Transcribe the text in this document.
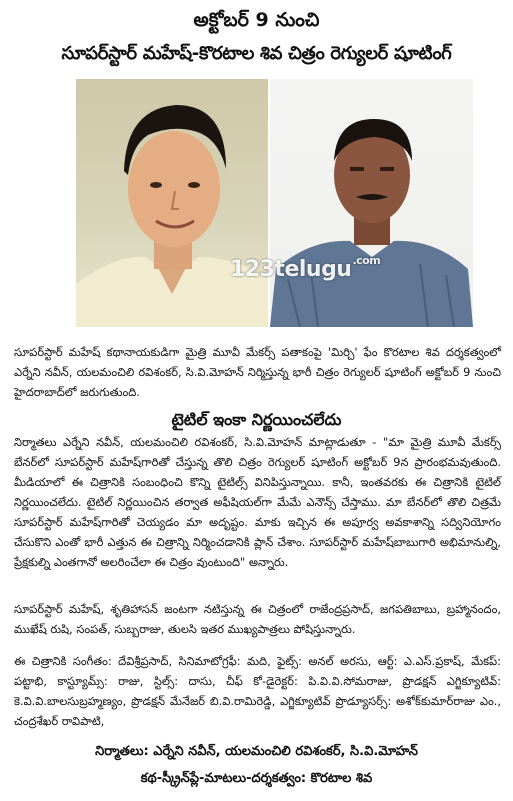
అక్టోబర్ 9 నుంచి
సూపర్‌స్టార్ మహేష్-కొరటాల శివ చిత్రం రెగ్యులర్ షూటింగ్
123telugu$^{.com}$
సూపర్‌స్టార్ మహేష్ కథానాయకుడిగా మైత్రి మూవీ మేకర్స్ పతాకంపై 'మిర్చి' ఫేం కొరటాల శివ దర్శకత్వంలో ఎర్నేని నవీన్, యలమంచిలి రవిశంకర్, సి.వి.మోహన్ నిర్మిస్తున్న భారీ చిత్రం రెగ్యులర్ షూటింగ్ అక్టోబర్ 9 నుంచి హైదరాబాద్‌లో జరుగుతుంది.
టైటిల్ ఇంకా నిర్ణయించలేదు
నిర్మాతలు ఎర్నేని నవీన్, యలమంచిలి రవిశంకర్, సి.వి.మోహన్ మాట్లాడుతూ - "మా మైత్రి మూవీ మేకర్స్ బేనర్‌లో సూపర్‌స్టార్ మహేష్‌గారితో చేస్తున్న తొలి చిత్రం రెగ్యులర్ షూటింగ్ అక్టోబర్ 9న ప్రారంభమవుతుంది. మీడియాలో ఈ చిత్రానికి సంబంధించి కొన్ని టైటిల్స్ వినిపిస్తున్నాయి. కానీ, ఇంతవరకు ఈ చిత్రానికి టైటిల్ నిర్ణయించలేదు. టైటిల్ నిర్ణయించిన తర్వాత అఫీషియల్‌గా మేమే ఎనౌన్స్ చేస్తాము. మా బేనర్‌లో తొలి చిత్రమే సూపర్‌స్టార్ మహేష్‌గారితో చెయ్యడం మా అదృష్టం. మాకు ఇచ్చిన ఈ అపూర్వ అవకాశాన్ని సద్వినియోగం చేసుకొని ఎంతో భారీ ఎత్తున ఈ చిత్రాన్ని నిర్మించడానికి ప్లాన్ చేశాం. సూపర్‌స్టార్ మహేష్‌బాబుగారి అభిమానుల్ని, ప్రేక్షకుల్ని ఎంతగానో అలరించేలా ఈ చిత్రం వుంటుంది" అన్నారు.
సూపర్‌స్టార్ మహేష్, శృతిహాసన్ జంటగా నటిస్తున్న ఈ చిత్రంలో రాజేంద్రప్రసాద్, జగపతిబాబు, బ్రహ్మానందం, ముఖేష్ రుషి, సంపత్, సుబ్బరాజు, తులసి ఇతర ముఖ్యపాత్రలు పోషిస్తున్నారు.
ఈ చిత్రానికి సంగీతం: దేవిశ్రీప్రసాద్, సినిమాటోగ్రఫీ: మది, ఫైట్స్: అనల్ అరసు, ఆర్ట్: ఎ.ఎస్.ప్రకాష్, మేకప్: పట్టాభి, కాస్ట్యూమ్స్: రాజు, స్టిల్స్: దాసు, చీఫ్ కో-డైరెక్టర్: పి.వి.వి.సోమరాజు, ప్రొడక్షన్ ఎగ్జిక్యూటివ్: కె.వి.వి.బాలసుబ్రహ్మణ్యం, ప్రొడక్షన్ మేనేజర్ బి.వి.రామిరెడ్డి, ఎగ్జిక్యూటివ్ ప్రొడ్యూసర్స్: అశోక్‌కుమార్‌రాజు ఎం., చంద్రశేఖర్ రావిపాటి,
నిర్మాతలు: ఎర్నేని నవీన్, యలమంచిలి రవిశంకర్, సి.వి.మోహన్
కథ-స్క్రీన్‌ప్లే-మాటలు-దర్శకత్వం: కొరటాల శివ
